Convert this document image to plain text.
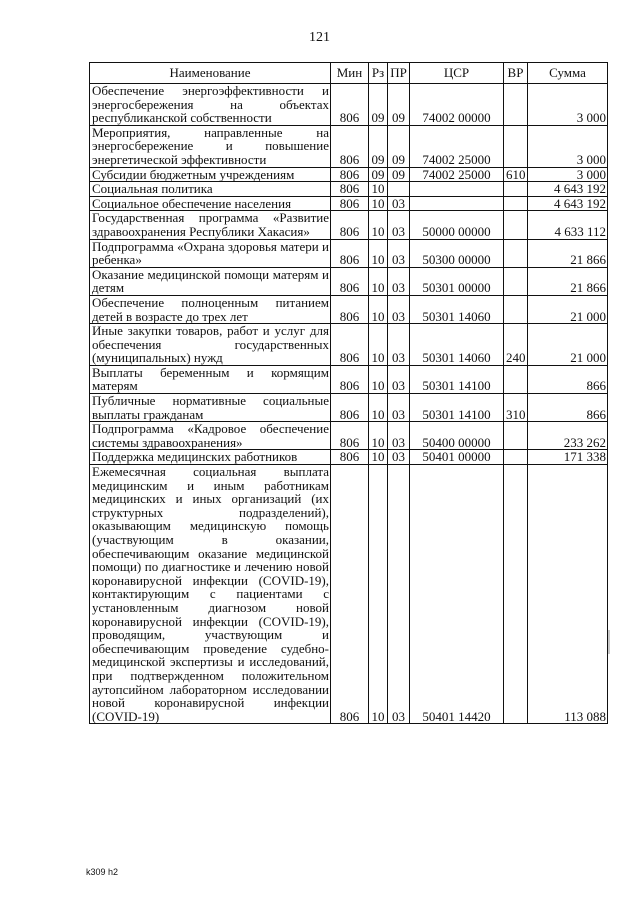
121
Наименование	Мин	Рз	ПР	ЦСР	ВР	Сумма
Обеспечение энергоэффективности и энергосбережения на объектах республиканской собственности	806	09	09	74002 00000		3 000
Мероприятия, направленные на энергосбережение и повышение энергетической эффективности	806	09	09	74002 25000		3 000
Субсидии бюджетным учреждениям	806	09	09	74002 25000	610	3 000
Социальная политика	806	10				4 643 192
Социальное обеспечение населения	806	10	03			4 643 192
Государственная программа «Развитие здравоохранения Республики Хакасия»	806	10	03	50000 00000		4 633 112
Подпрограмма «Охрана здоровья матери и ребенка»	806	10	03	50300 00000		21 866
Оказание медицинской помощи матерям и детям	806	10	03	50301 00000		21 866
Обеспечение полноценным питанием детей в возрасте до трех лет	806	10	03	50301 14060		21 000
Иные закупки товаров, работ и услуг для обеспечения государственных (муниципальных) нужд	806	10	03	50301 14060	240	21 000
Выплаты беременным и кормящим матерям	806	10	03	50301 14100		866
Публичные нормативные социальные выплаты гражданам	806	10	03	50301 14100	310	866
Подпрограмма «Кадровое обеспечение системы здравоохранения»	806	10	03	50400 00000		233 262
Поддержка медицинских работников	806	10	03	50401 00000		171 338
Ежемесячная социальная выплата медицинским и иным работникам медицинских и иных организаций (их структурных подразделений), оказывающим медицинскую помощь (участвующим в оказании, обеспечивающим оказание медицинской помощи) по диагностике и лечению новой коронавирусной инфекции (COVID-19), контактирующим с пациентами с установленным диагнозом новой коронавирусной инфекции (COVID-19), проводящим, участвующим и обеспечивающим проведение судебно-медицинской экспертизы и исследований, при подтвержденном положительном аутопсийном лабораторном исследовании новой коронавирусной инфекции (COVID-19)	806	10	03	50401 14420		113 088
k309 h2
